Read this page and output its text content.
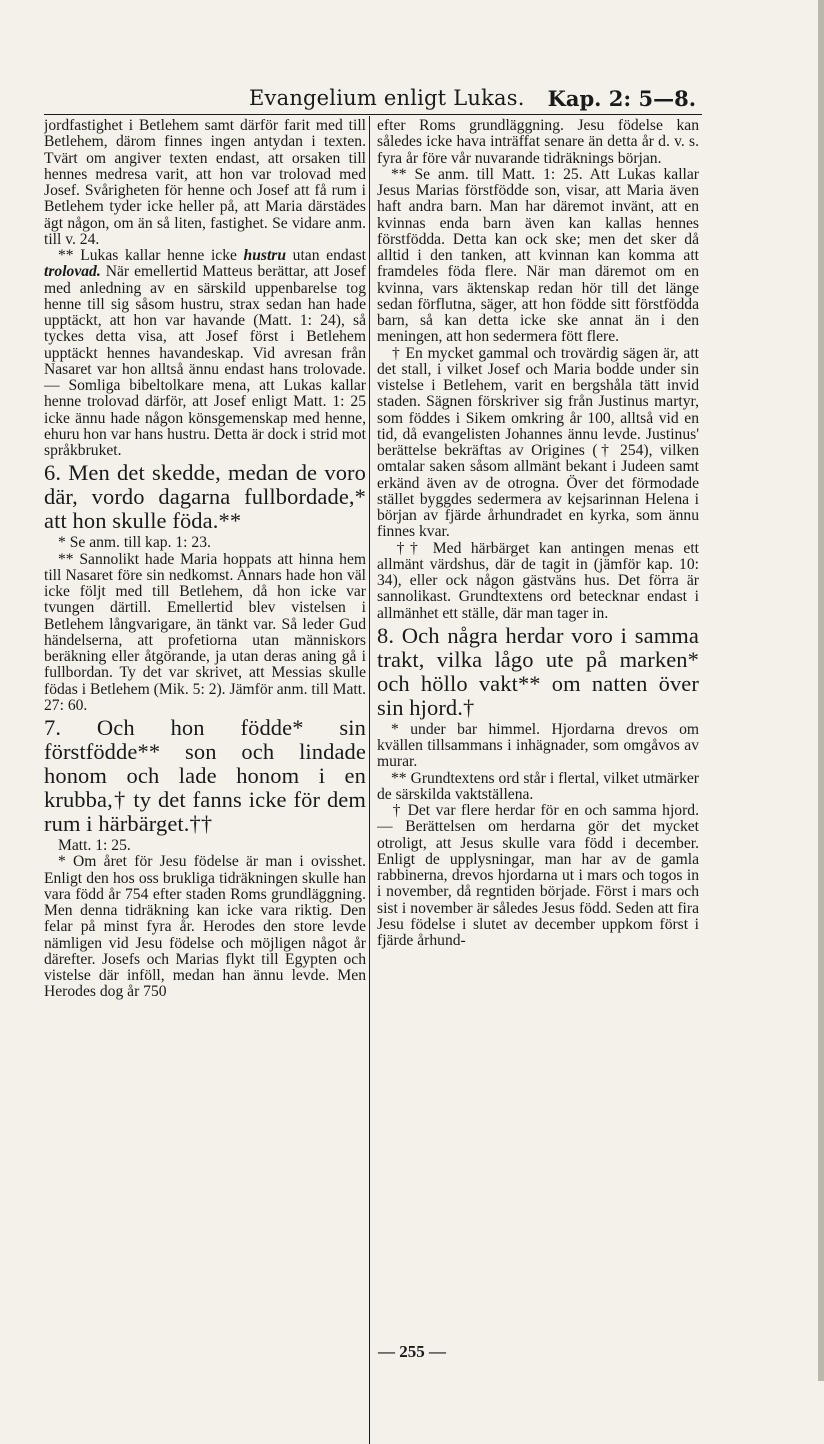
Evangelium enligt Lukas. Kap. 2: 5—8.

jordfastighet i Betlehem samt därför farit med till Betlehem, därom finnes ingen antydan i texten. Tvärt om angiver texten endast, att orsaken till hennes medresa varit, att hon var trolovad med Josef. Svårigheten för henne och Josef att få rum i Betlehem tyder icke heller på, att Maria därstädes ägt någon, om än så liten, fastighet. Se vidare anm. till v. 24.

** Lukas kallar henne icke hustru utan endast trolovad. När emellertid Matteus berättar, att Josef med anledning av en särskild uppenbarelse tog henne till sig såsom hustru, strax sedan han hade upptäckt, att hon var havande (Matt. 1: 24), så tyckes detta visa, att Josef först i Betlehem upptäckt hennes havandeskap. Vid avresan från Nasaret var hon alltså ännu endast hans trolovade. — Somliga bibeltolkare mena, att Lukas kallar henne trolovad därför, att Josef enligt Matt. 1: 25 icke ännu hade någon könsgemenskap med henne, ehuru hon var hans hustru. Detta är dock i strid mot språkbruket.

6. Men det skedde, medan de voro där, vordo dagarna fullbordade,* att hon skulle föda.**

* Se anm. till kap. 1: 23.

** Sannolikt hade Maria hoppats att hinna hem till Nasaret före sin nedkomst. Annars hade hon väl icke följt med till Betlehem, då hon icke var tvungen därtill. Emellertid blev vistelsen i Betlehem långvarigare, än tänkt var. Så leder Gud händelserna, att profetiorna utan människors beräkning eller åtgörande, ja utan deras aning gå i fullbordan. Ty det var skrivet, att Messias skulle födas i Betlehem (Mik. 5: 2). Jämför anm. till Matt. 27: 60.

7. Och hon födde* sin förstfödde** son och lindade honom och lade honom i en krubba,† ty det fanns icke för dem rum i härbärget.††

Matt. 1: 25.

* Om året för Jesu födelse är man i ovisshet. Enligt den hos oss brukliga tidräkningen skulle han vara född år 754 efter staden Roms grundläggning. Men denna tidräkning kan icke vara riktig. Den felar på minst fyra år. Herodes den store levde nämligen vid Jesu födelse och möjligen något år därefter. Josefs och Marias flykt till Egypten och vistelse där inföll, medan han ännu levde. Men Herodes dog år 750

efter Roms grundläggning. Jesu födelse kan således icke hava inträffat senare än detta år d. v. s. fyra år före vår nuvarande tidräknings början.

** Se anm. till Matt. 1: 25. Att Lukas kallar Jesus Marias förstfödde son, visar, att Maria även haft andra barn. Man har däremot invänt, att en kvinnas enda barn även kan kallas hennes förstfödda. Detta kan ock ske; men det sker då alltid i den tanken, att kvinnan kan komma att framdeles föda flere. När man däremot om en kvinna, vars äktenskap redan hör till det länge sedan förflutna, säger, att hon födde sitt förstfödda barn, så kan detta icke ske annat än i den meningen, att hon sedermera fött flere.

† En mycket gammal och trovärdig sägen är, att det stall, i vilket Josef och Maria bodde under sin vistelse i Betlehem, varit en bergshåla tätt invid staden. Sägnen förskriver sig från Justinus martyr, som föddes i Sikem omkring år 100, alltså vid en tid, då evangelisten Johannes ännu levde. Justinus' berättelse bekräftas av Origines († 254), vilken omtalar saken såsom allmänt bekant i Judeen samt erkänd även av de otrogna. Över det förmodade stället byggdes sedermera av kejsarinnan Helena i början av fjärde århundradet en kyrka, som ännu finnes kvar.

†† Med härbärget kan antingen menas ett allmänt värdshus, där de tagit in (jämför kap. 10: 34), eller ock någon gästväns hus. Det förra är sannolikast. Grundtextens ord betecknar endast i allmänhet ett ställe, där man tager in.

8. Och några herdar voro i samma trakt, vilka lågo ute på marken* och höllo vakt** om natten över sin hjord.†

* under bar himmel. Hjordarna drevos om kvällen tillsammans i inhägnader, som omgåvos av murar.

** Grundtextens ord står i flertal, vilket utmärker de särskilda vaktställena.

† Det var flere herdar för en och samma hjord. — Berättelsen om herdarna gör det mycket otroligt, att Jesus skulle vara född i december. Enligt de upplysningar, man har av de gamla rabbinerna, drevos hjordarna ut i mars och togos in i november, då regntiden började. Först i mars och sist i november är således Jesus född. Seden att fira Jesu födelse i slutet av december uppkom först i fjärde århund-

— 255 —
